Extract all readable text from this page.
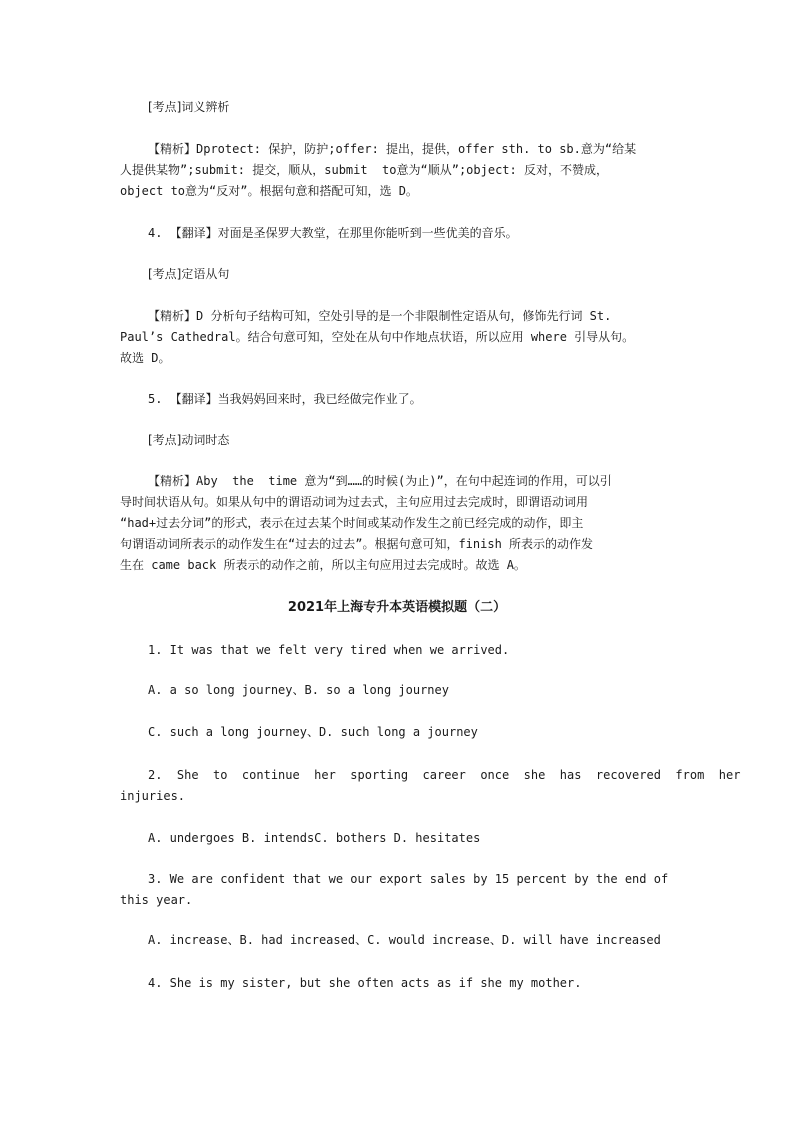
[考点]词义辨析

【精析】Dprotect: 保护，防护;offer: 提出，提供，offer sth. to sb.意为“给某

人提供某物”;submit: 提交，顺从，submit  to意为“顺从”;object: 反对，不赞成，

object to意为“反对”。根据句意和搭配可知，选 D。

4. 【翻译】对面是圣保罗大教堂，在那里你能听到一些优美的音乐。

[考点]定语从句

【精析】D 分析句子结构可知，空处引导的是一个非限制性定语从句，修饰先行词 St.

Paul’s Cathedral。结合句意可知，空处在从句中作地点状语，所以应用 where 引导从句。

故选 D。

5. 【翻译】当我妈妈回来时，我已经做完作业了。

[考点]动词时态

【精析】Aby  the  time 意为“到……的时候(为止)”，在句中起连词的作用，可以引

导时间状语从句。如果从句中的谓语动词为过去式，主句应用过去完成时，即谓语动词用

“had+过去分词”的形式，表示在过去某个时间或某动作发生之前已经完成的动作，即主

句谓语动词所表示的动作发生在“过去的过去”。根据句意可知，finish 所表示的动作发

生在 came back 所表示的动作之前，所以主句应用过去完成时。故选 A。

2021年上海专升本英语模拟题（二）

1. It was that we felt very tired when we arrived.

A. a so long journey、B. so a long journey

C. such a long journey、D. such long a journey

2.  She  to  continue  her  sporting  career  once  she  has  recovered  from  her

injuries.

A. undergoes B. intendsC. bothers D. hesitates

3. We are confident that we our export sales by 15 percent by the end of

this year.

A. increase、B. had increased、C. would increase、D. will have increased

4. She is my sister, but she often acts as if she my mother.
